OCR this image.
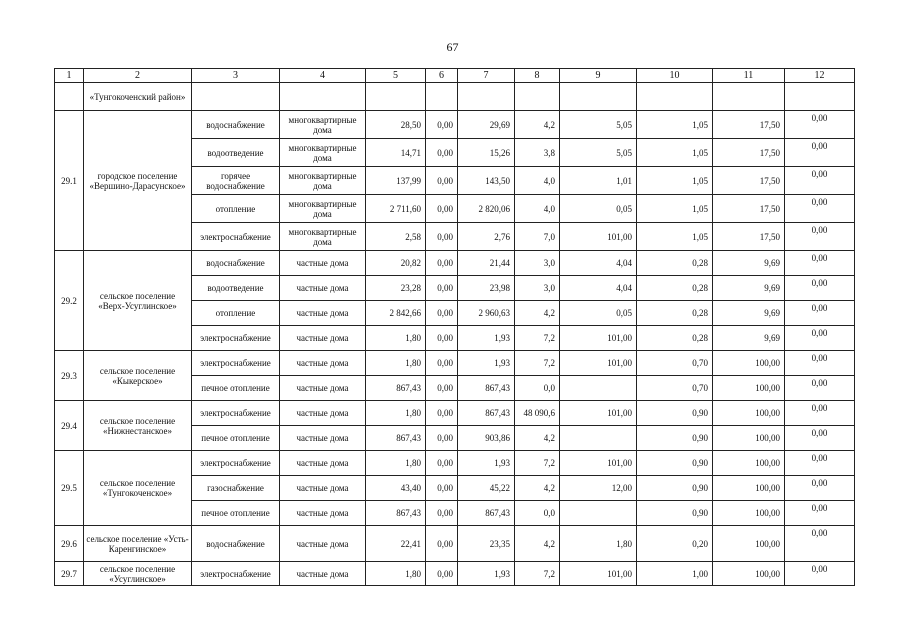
67
1	2	3	4	5	6	7	8	9	10	11	12
	«Тунгокоченский район»										
29.1	городское поселение «Вершино-Дарасунское»	водоснабжение	многоквартирные дома	28,50	0,00	29,69	4,2	5,05	1,05	17,50	0,00
		водоотведение	многоквартирные дома	14,71	0,00	15,26	3,8	5,05	1,05	17,50	0,00
		горячее водоснабжение	многоквартирные дома	137,99	0,00	143,50	4,0	1,01	1,05	17,50	0,00
		отопление	многоквартирные дома	2 711,60	0,00	2 820,06	4,0	0,05	1,05	17,50	0,00
		электроснабжение	многоквартирные дома	2,58	0,00	2,76	7,0	101,00	1,05	17,50	0,00
29.2	сельское поселение «Верх-Усуглинское»	водоснабжение	частные дома	20,82	0,00	21,44	3,0	4,04	0,28	9,69	0,00
		водоотведение	частные дома	23,28	0,00	23,98	3,0	4,04	0,28	9,69	0,00
		отопление	частные дома	2 842,66	0,00	2 960,63	4,2	0,05	0,28	9,69	0,00
		электроснабжение	частные дома	1,80	0,00	1,93	7,2	101,00	0,28	9,69	0,00
29.3	сельское поселение «Кыкерское»	электроснабжение	частные дома	1,80	0,00	1,93	7,2	101,00	0,70	100,00	0,00
		печное отопление	частные дома	867,43	0,00	867,43	0,0		0,70	100,00	0,00
29.4	сельское поселение «Нижнестанское»	электроснабжение	частные дома	1,80	0,00	867,43	48 090,6	101,00	0,90	100,00	0,00
		печное отопление	частные дома	867,43	0,00	903,86	4,2		0,90	100,00	0,00
29.5	сельское поселение «Тунгокоченское»	электроснабжение	частные дома	1,80	0,00	1,93	7,2	101,00	0,90	100,00	0,00
		газоснабжение	частные дома	43,40	0,00	45,22	4,2	12,00	0,90	100,00	0,00
		печное отопление	частные дома	867,43	0,00	867,43	0,0		0,90	100,00	0,00
29.6	сельское поселение «Усть-Каренгинское»	водоснабжение	частные дома	22,41	0,00	23,35	4,2	1,80	0,20	100,00	0,00
29.7	сельское поселение «Усуглинское»	электроснабжение	частные дома	1,80	0,00	1,93	7,2	101,00	1,00	100,00	0,00
